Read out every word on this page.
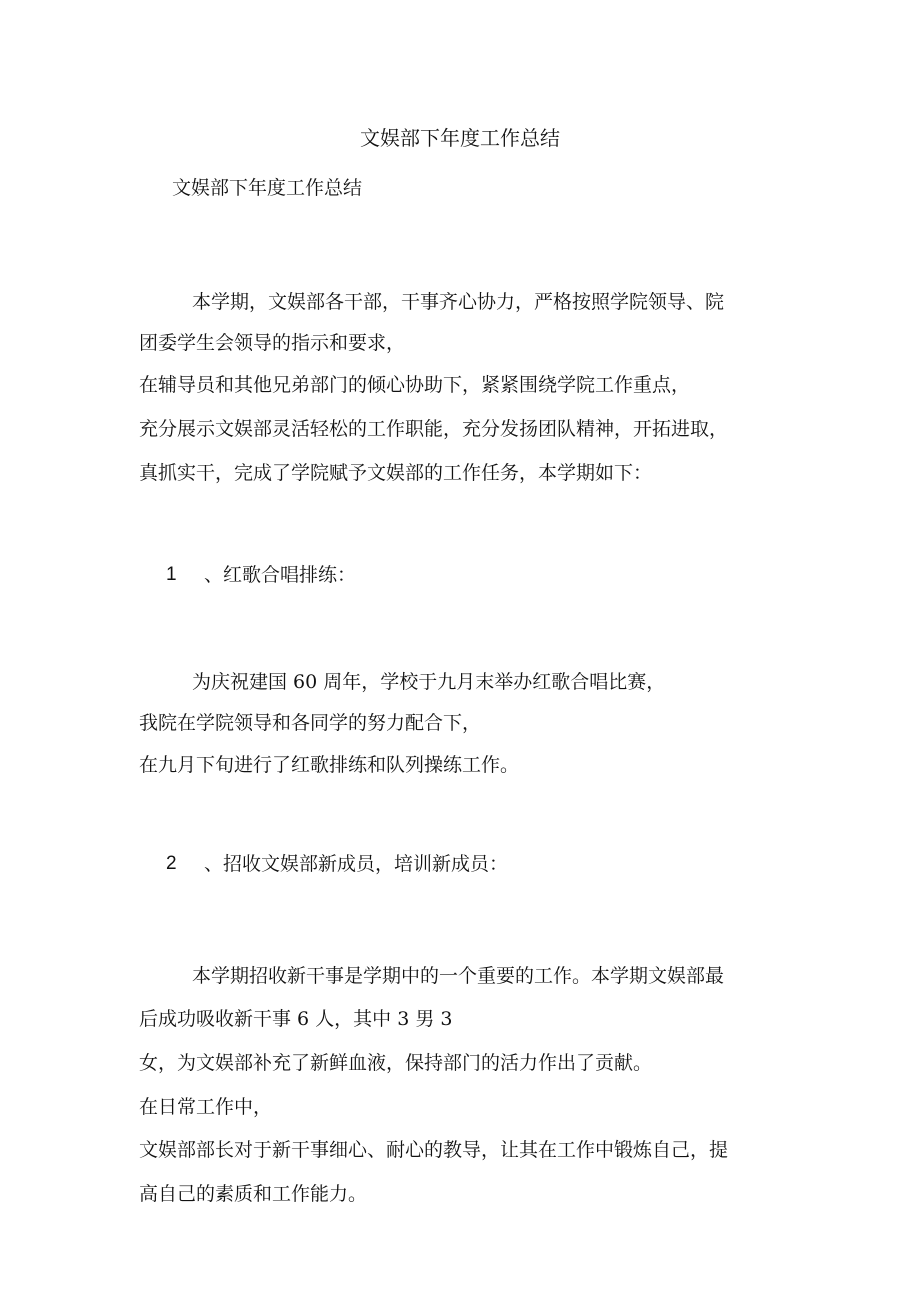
文娱部下年度工作总结
文娱部下年度工作总结
本学期，文娱部各干部，干事齐心协力，严格按照学院领导、院
团委学生会领导的指示和要求，
在辅导员和其他兄弟部门的倾心协助下，紧紧围绕学院工作重点，
充分展示文娱部灵活轻松的工作职能，充分发扬团队精神，开拓进取，
真抓实干，完成了学院赋予文娱部的工作任务，本学期如下：
1 、红歌合唱排练：
为庆祝建国 60 周年，学校于九月末举办红歌合唱比赛，
我院在学院领导和各同学的努力配合下，
在九月下旬进行了红歌排练和队列操练工作。
2 、招收文娱部新成员，培训新成员：
本学期招收新干事是学期中的一个重要的工作。本学期文娱部最
后成功吸收新干事 6 人，其中 3 男 3
女，为文娱部补充了新鲜血液，保持部门的活力作出了贡献。
在日常工作中，
文娱部部长对于新干事细心、耐心的教导，让其在工作中锻炼自己，提
高自己的素质和工作能力。
